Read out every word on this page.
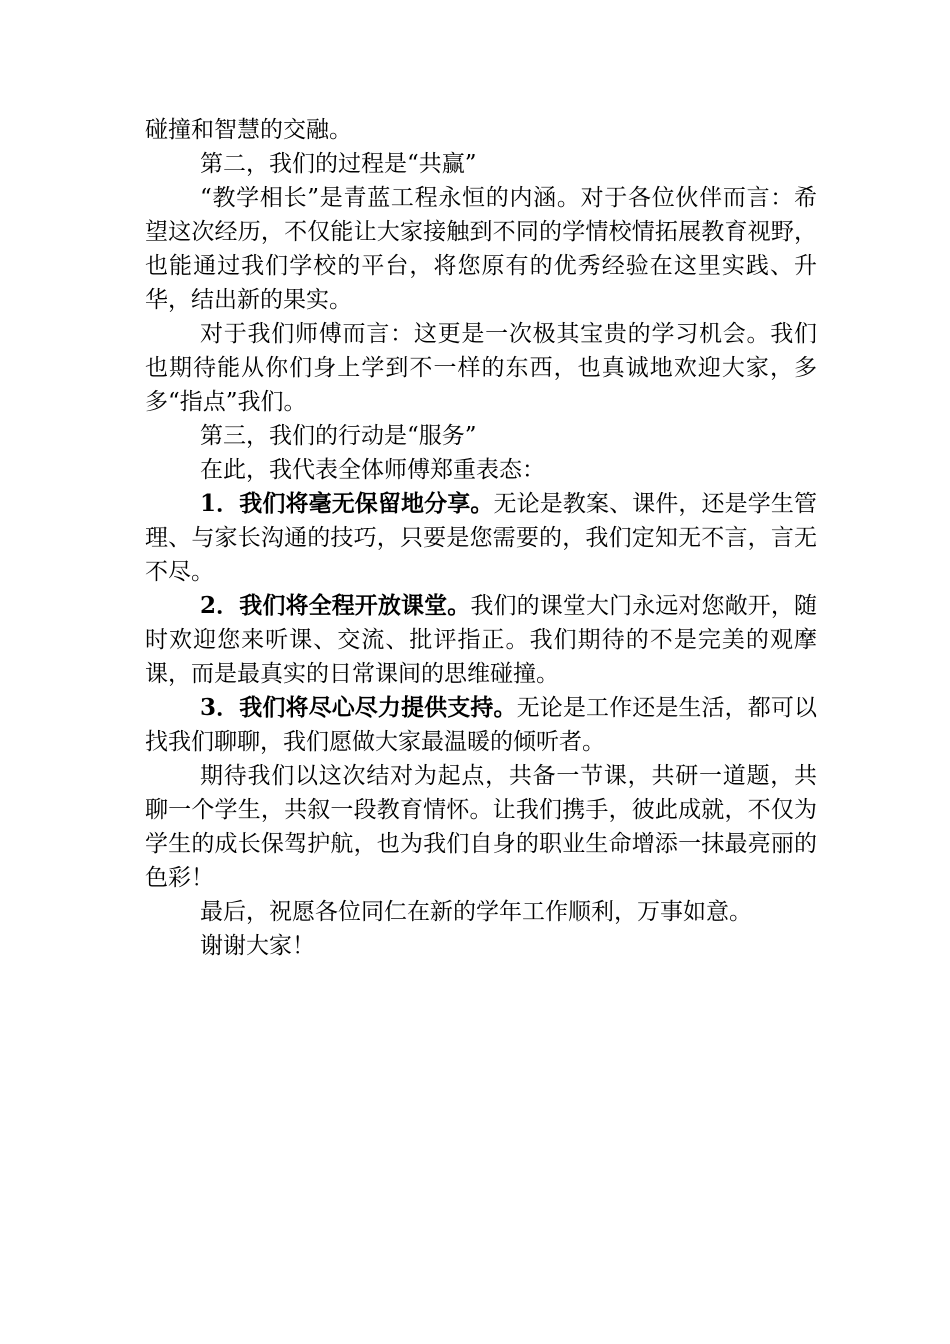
碰撞和智慧的交融。

第二，我们的过程是“共赢”

“教学相长”是青蓝工程永恒的内涵。对于各位伙伴而言：希望这次经历，不仅能让大家接触到不同的学情校情拓展教育视野，也能通过我们学校的平台，将您原有的优秀经验在这里实践、升华，结出新的果实。

对于我们师傅而言：这更是一次极其宝贵的学习机会。我们也期待能从你们身上学到不一样的东西，也真诚地欢迎大家，多多“指点”我们。

第三，我们的行动是“服务”

在此，我代表全体师傅郑重表态：

1．我们将毫无保留地分享。无论是教案、课件，还是学生管理、与家长沟通的技巧，只要是您需要的，我们定知无不言，言无不尽。

2．我们将全程开放课堂。我们的课堂大门永远对您敞开，随时欢迎您来听课、交流、批评指正。我们期待的不是完美的观摩课，而是最真实的日常课间的思维碰撞。

3．我们将尽心尽力提供支持。无论是工作还是生活，都可以找我们聊聊，我们愿做大家最温暖的倾听者。

期待我们以这次结对为起点，共备一节课，共研一道题，共聊一个学生，共叙一段教育情怀。让我们携手，彼此成就，不仅为学生的成长保驾护航，也为我们自身的职业生命增添一抹最亮丽的色彩！

最后，祝愿各位同仁在新的学年工作顺利，万事如意。

谢谢大家！
